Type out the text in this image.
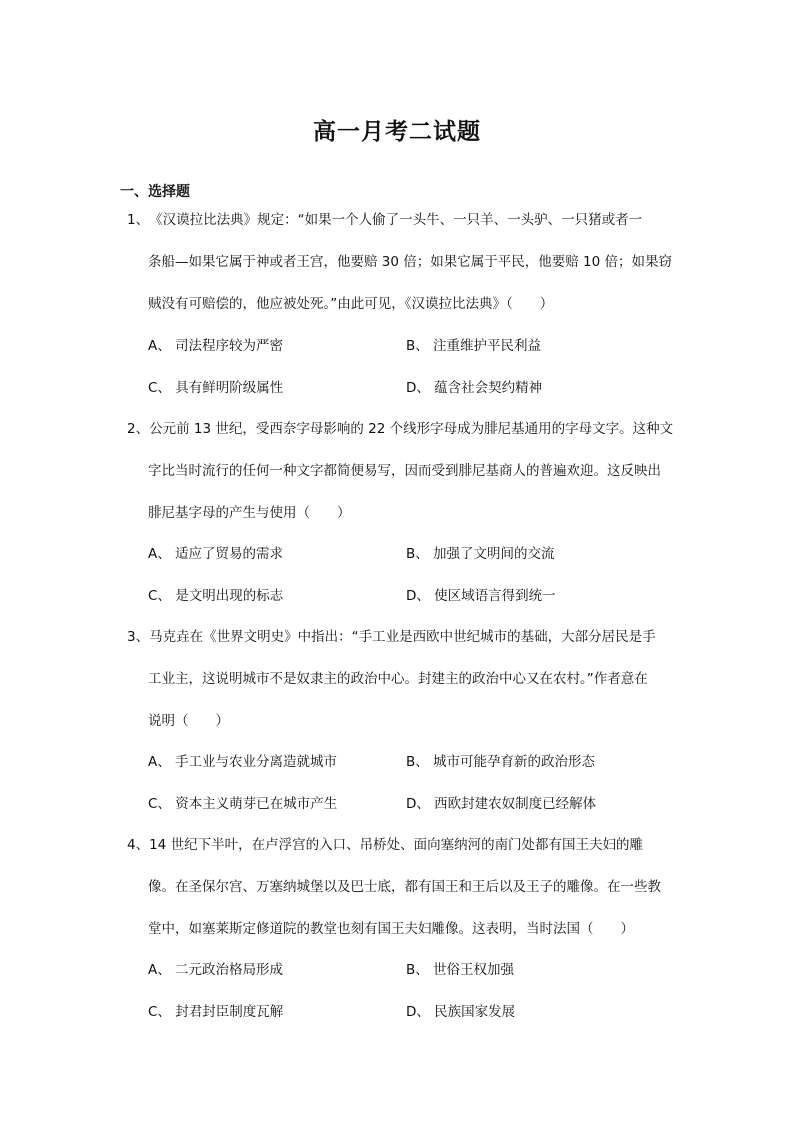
高一月考二试题
一、选择题
1、《汉谟拉比法典》规定：“如果一个人偷了一头牛、一只羊、一头驴、一只猪或者一
条船—如果它属于神或者王宫，他要赔 30 倍；如果它属于平民，他要赔 10 倍；如果窃
贼没有可赔偿的，他应被处死。”由此可见，《汉谟拉比法典》（　　）
A、 司法程序较为严密	B、 注重维护平民利益
C、 具有鲜明阶级属性	D、 蕴含社会契约精神
2、公元前 13 世纪，受西奈字母影响的 22 个线形字母成为腓尼基通用的字母文字。这种文
字比当时流行的任何一种文字都简便易写，因而受到腓尼基商人的普遍欢迎。这反映出
腓尼基字母的产生与使用（　　）
A、 适应了贸易的需求	B、 加强了文明间的交流
C、 是文明出现的标志	D、 使区域语言得到统一
3、马克垚在《世界文明史》中指出：“手工业是西欧中世纪城市的基础，大部分居民是手
工业主，这说明城市不是奴隶主的政治中心。封建主的政治中心又在农村。”作者意在
说明（　　）
A、 手工业与农业分离造就城市	B、 城市可能孕育新的政治形态
C、 资本主义萌芽已在城市产生	D、 西欧封建农奴制度已经解体
4、14 世纪下半叶，在卢浮宫的入口、吊桥处、面向塞纳河的南门处都有国王夫妇的雕
像。在圣保尔宫、万塞纳城堡以及巴士底，都有国王和王后以及王子的雕像。在一些教
堂中，如塞莱斯定修道院的教堂也刻有国王夫妇雕像。这表明，当时法国（　　）
A、 二元政治格局形成	B、 世俗王权加强
C、 封君封臣制度瓦解	D、 民族国家发展
